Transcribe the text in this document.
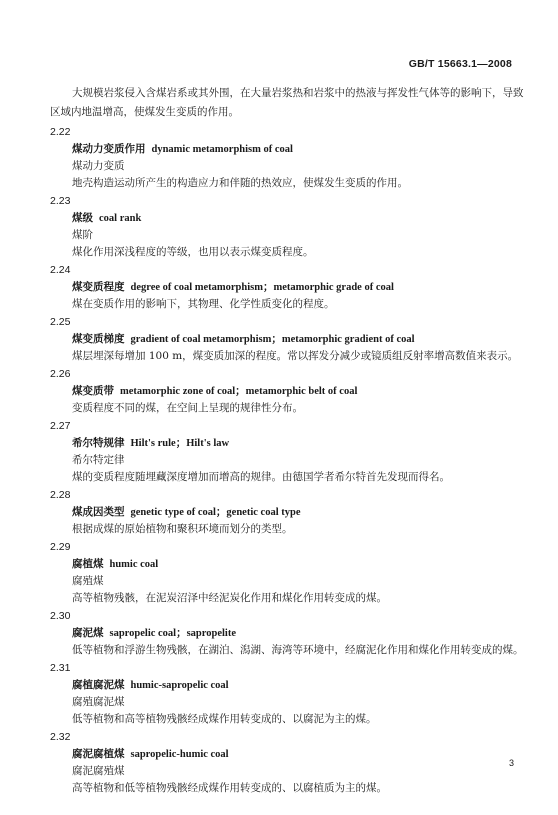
GB/T 15663.1—2008
大规模岩浆侵入含煤岩系或其外围，在大量岩浆热和岩浆中的热液与挥发性气体等的影响下，导致
区域内地温增高，使煤发生变质的作用。
2.22
煤动力变质作用 dynamic metamorphism of coal
煤动力变质
地壳构造运动所产生的构造应力和伴随的热效应，使煤发生变质的作用。
2.23
煤级 coal rank
煤阶
煤化作用深浅程度的等级，也用以表示煤变质程度。
2.24
煤变质程度 degree of coal metamorphism；metamorphic grade of coal
煤在变质作用的影响下，其物理、化学性质变化的程度。
2.25
煤变质梯度 gradient of coal metamorphism；metamorphic gradient of coal
煤层埋深每增加 100 m，煤变质加深的程度。常以挥发分减少或镜质组反射率增高数值来表示。
2.26
煤变质带 metamorphic zone of coal；metamorphic belt of coal
变质程度不同的煤，在空间上呈现的规律性分布。
2.27
希尔特规律 Hilt's rule；Hilt's law
希尔特定律
煤的变质程度随埋藏深度增加而增高的规律。由德国学者希尔特首先发现而得名。
2.28
煤成因类型 genetic type of coal；genetic coal type
根据成煤的原始植物和聚积环境而划分的类型。
2.29
腐植煤 humic coal
腐殖煤
高等植物残骸，在泥炭沼泽中经泥炭化作用和煤化作用转变成的煤。
2.30
腐泥煤 sapropelic coal；sapropelite
低等植物和浮游生物残骸，在湖泊、潟湖、海湾等环境中，经腐泥化作用和煤化作用转变成的煤。
2.31
腐植腐泥煤 humic-sapropelic coal
腐殖腐泥煤
低等植物和高等植物残骸经成煤作用转变成的、以腐泥为主的煤。
2.32
腐泥腐植煤 sapropelic-humic coal
腐泥腐殖煤
高等植物和低等植物残骸经成煤作用转变成的、以腐植质为主的煤。
3
